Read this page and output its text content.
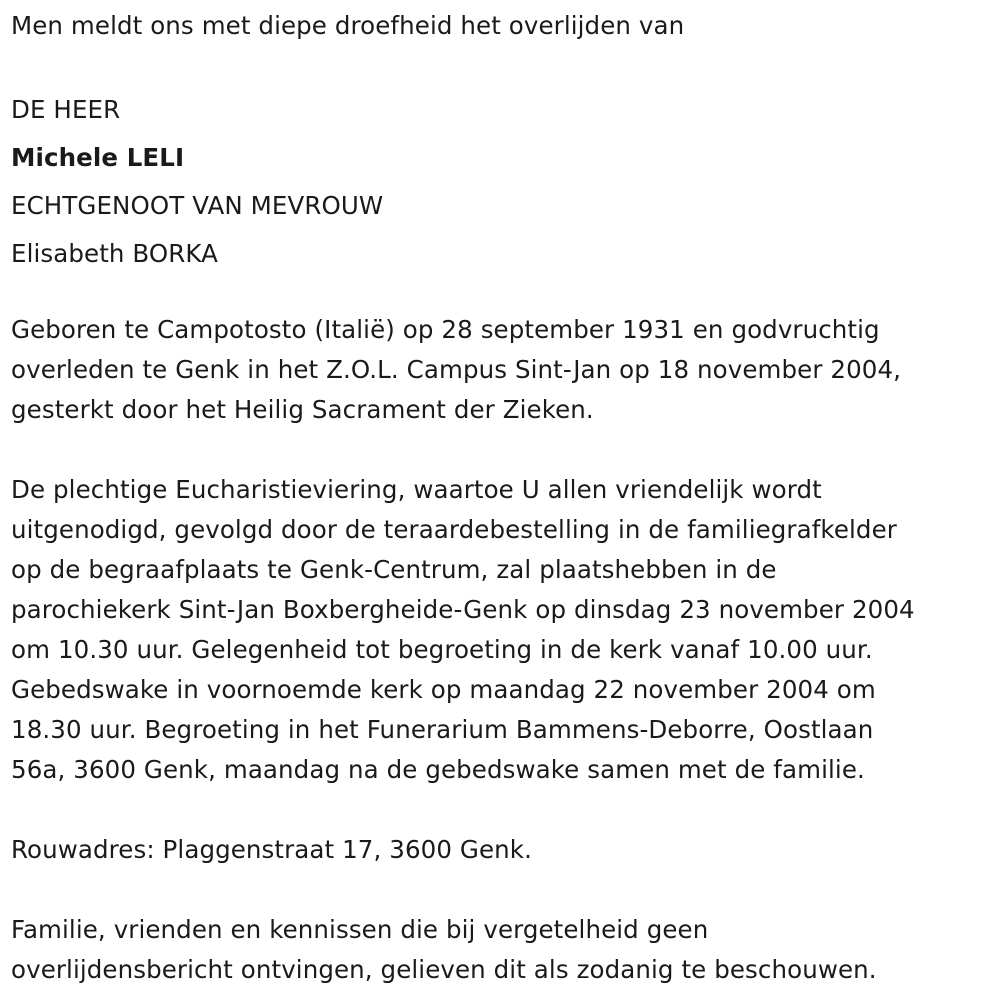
Men meldt ons met diepe droefheid het overlijden van
DE HEER
Michele LELI
ECHTGENOOT VAN MEVROUW
Elisabeth BORKA
Geboren te Campotosto (Italië) op 28 september 1931 en godvruchtig
overleden te Genk in het Z.O.L. Campus Sint-Jan op 18 november 2004,
gesterkt door het Heilig Sacrament der Zieken.
De plechtige Eucharistieviering, waartoe U allen vriendelijk wordt
uitgenodigd, gevolgd door de teraardebestelling in de familiegrafkelder
op de begraafplaats te Genk-Centrum, zal plaatshebben in de
parochiekerk Sint-Jan Boxbergheide-Genk op dinsdag 23 november 2004
om 10.30 uur. Gelegenheid tot begroeting in de kerk vanaf 10.00 uur.
Gebedswake in voornoemde kerk op maandag 22 november 2004 om
18.30 uur. Begroeting in het Funerarium Bammens-Deborre, Oostlaan
56a, 3600 Genk, maandag na de gebedswake samen met de familie.
Rouwadres: Plaggenstraat 17, 3600 Genk.
Familie, vrienden en kennissen die bij vergetelheid geen
overlijdensbericht ontvingen, gelieven dit als zodanig te beschouwen.
